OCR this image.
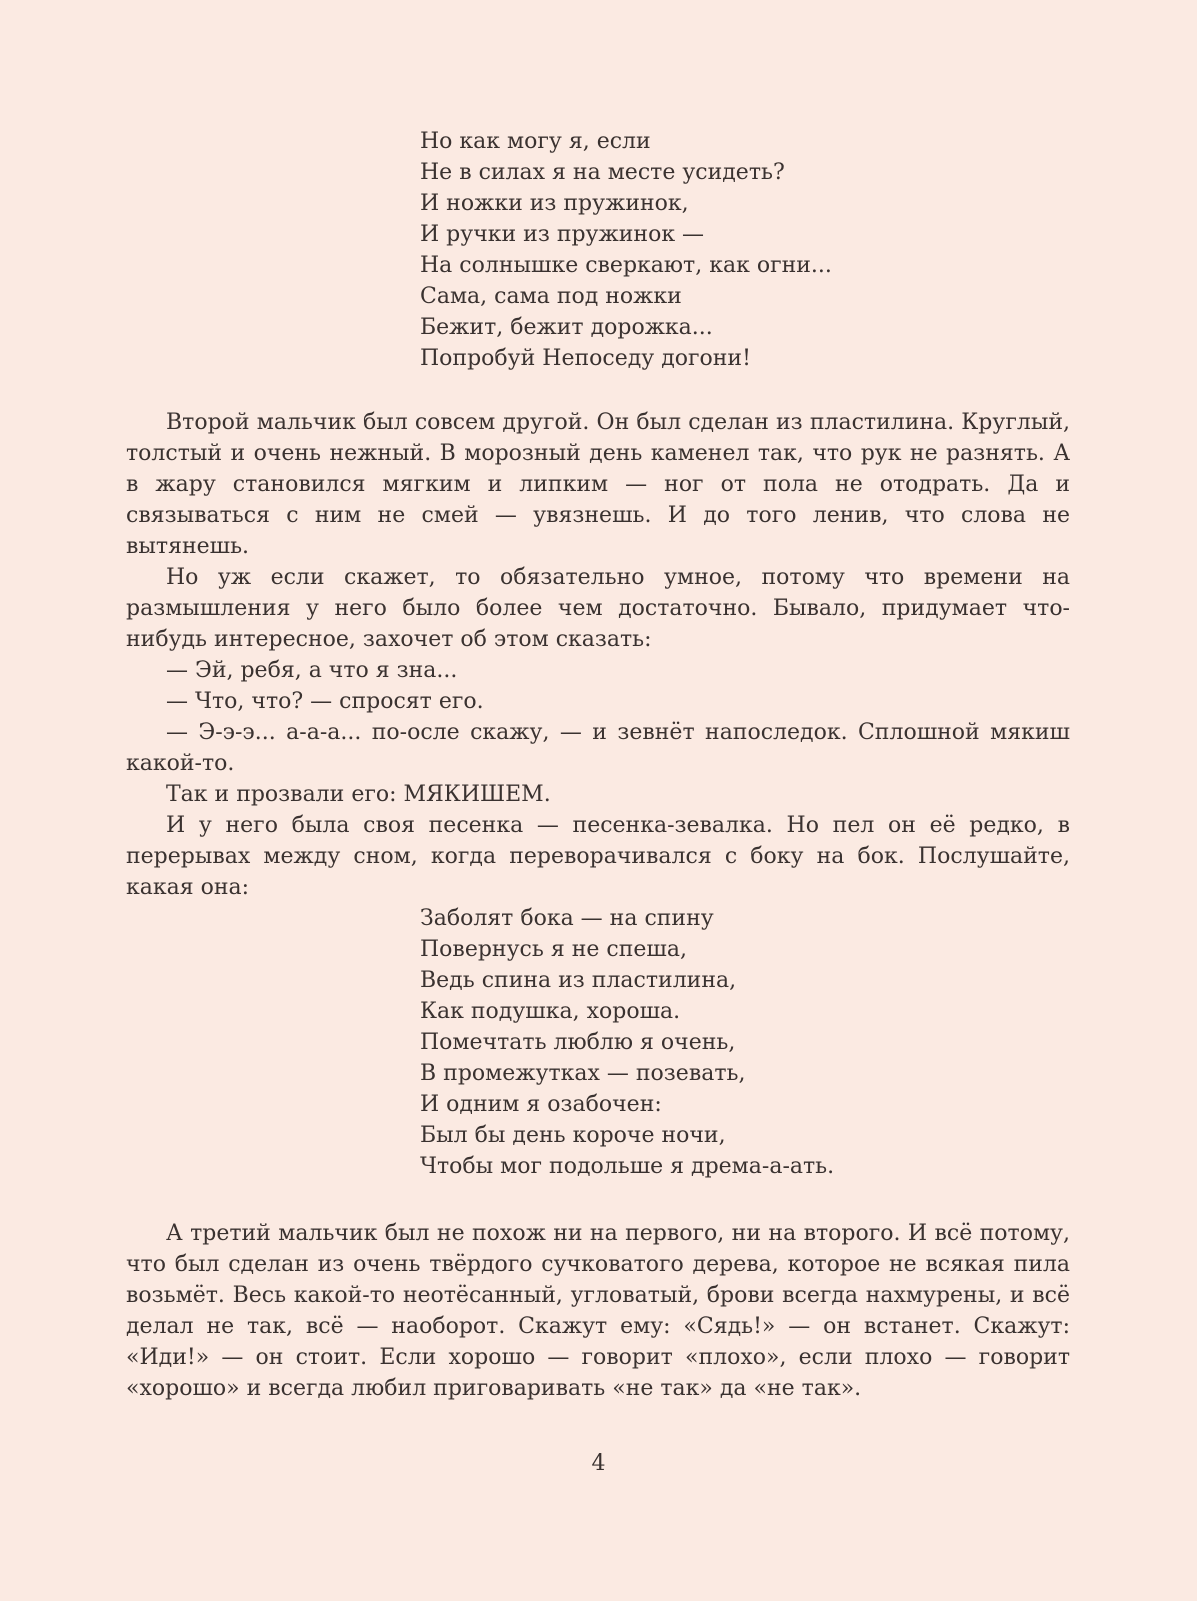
Но как могу я, если
Не в силах я на месте усидеть?
И ножки из пружинок,
И ручки из пружинок —
На солнышке сверкают, как огни...
Сама, сама под ножки
Бежит, бежит дорожка...
Попробуй Непоседу догони!

Второй мальчик был совсем другой. Он был сделан из пластилина. Круглый, толстый и очень нежный. В морозный день каменел так, что рук не разнять. А в жару становился мягким и липким — ног от пола не отодрать. Да и связываться с ним не смей — увязнешь. И до того ленив, что слова не вытянешь.

Но уж если скажет, то обязательно умное, потому что времени на размышления у него было более чем достаточно. Бывало, придумает что-нибудь интересное, захочет об этом сказать:

— Эй, ребя, а что я зна...

— Что, что? — спросят его.

— Э-э-э... а-а-а... по-осле скажу, — и зевнёт напоследок. Сплошной мякиш какой-то.

Так и прозвали его: МЯКИШЕМ.

И у него была своя песенка — песенка-зевалка. Но пел он её редко, в перерывах между сном, когда переворачивался с боку на бок. Послушайте, какая она:

Заболят бока — на спину
Повернусь я не спеша,
Ведь спина из пластилина,
Как подушка, хороша.
Помечтать люблю я очень,
В промежутках — позевать,
И одним я озабочен:
Был бы день короче ночи,
Чтобы мог подольше я дрема-а-ать.

А третий мальчик был не похож ни на первого, ни на второго. И всё потому, что был сделан из очень твёрдого сучковатого дерева, которое не всякая пила возьмёт. Весь какой-то неотёсанный, угловатый, брови всегда нахмурены, и всё делал не так, всё — наоборот. Скажут ему: «Сядь!» — он встанет. Скажут: «Иди!» — он стоит. Если хорошо — говорит «плохо», если плохо — говорит «хорошо» и всегда любил приговаривать «не так» да «не так».

4
